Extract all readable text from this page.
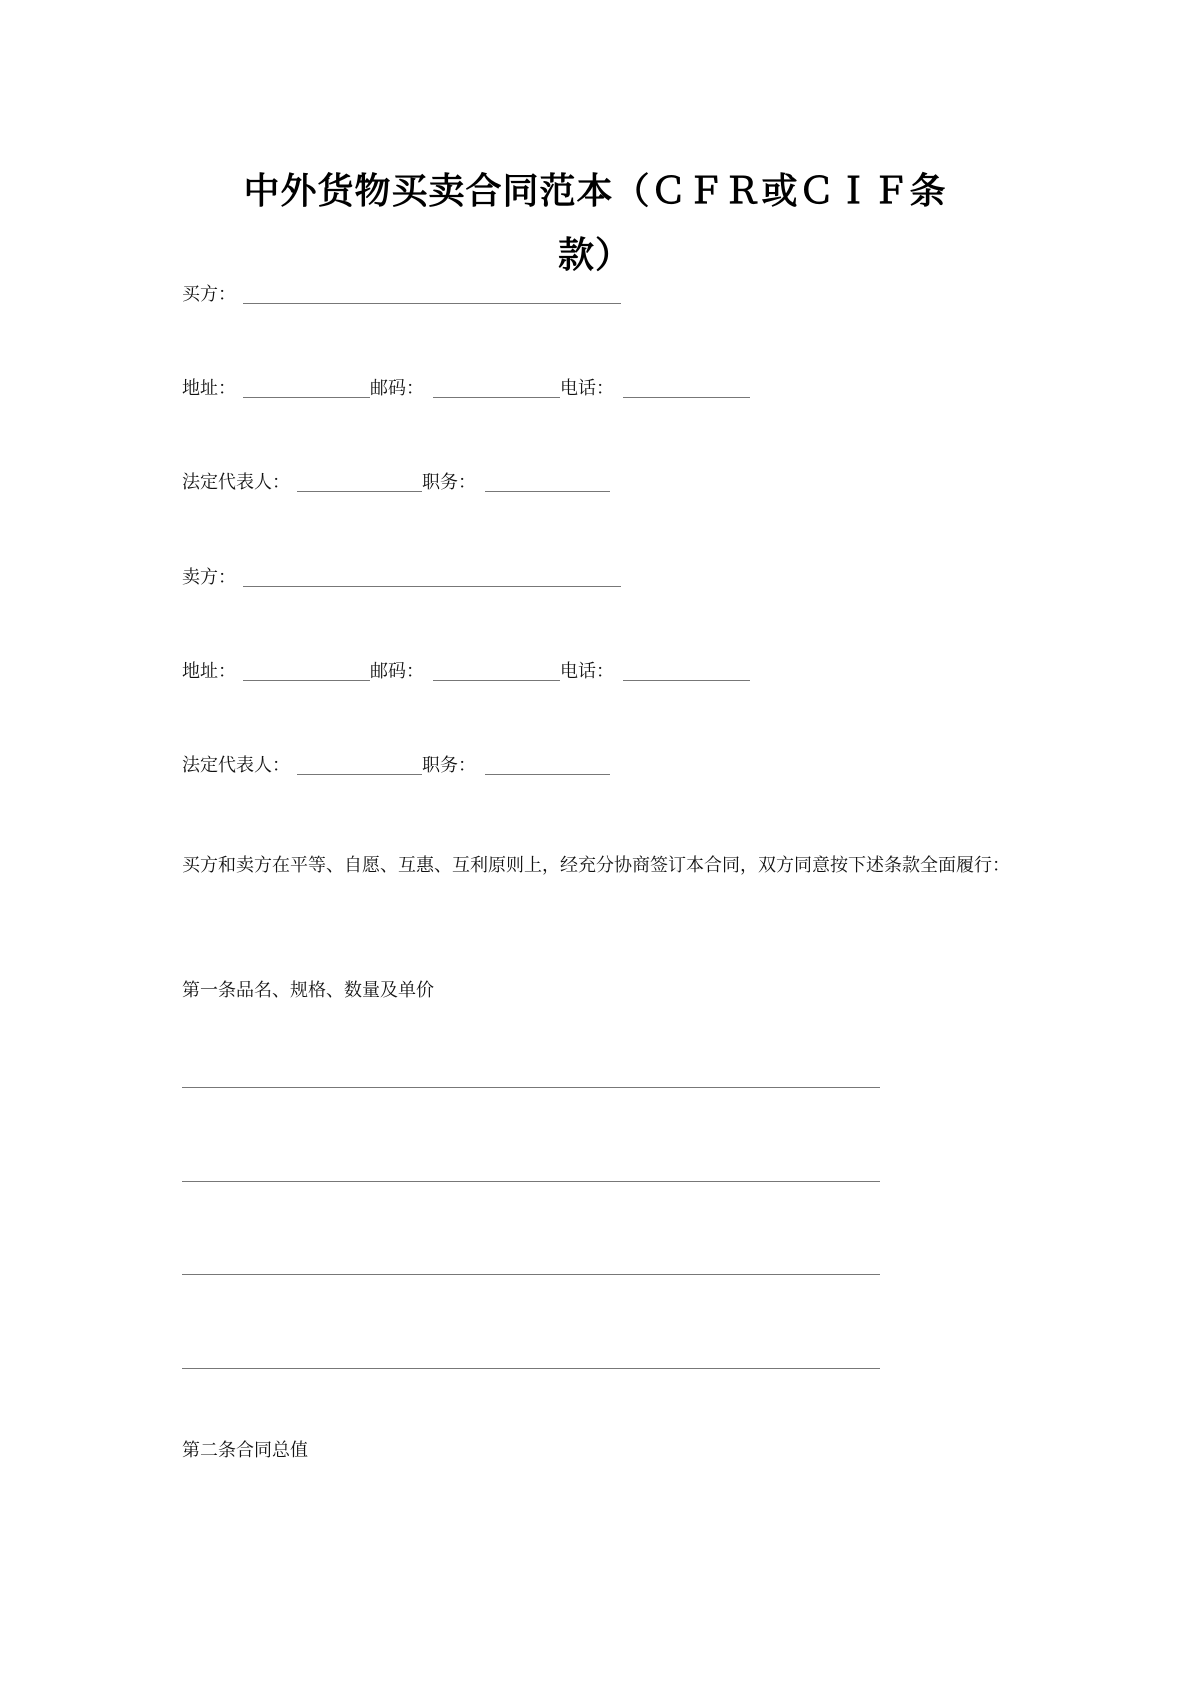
中外货物买卖合同范本（ＣＦＲ或ＣＩＦ条
款）
买方：
地址：	邮码：	电话：
法定代表人：	职务：
卖方：
地址：	邮码：	电话：
法定代表人：	职务：
买方和卖方在平等、自愿、互惠、互利原则上，经充分协商签订本合同，双方同意按下述条款全面履行：
第一条品名、规格、数量及单价
第二条合同总值
